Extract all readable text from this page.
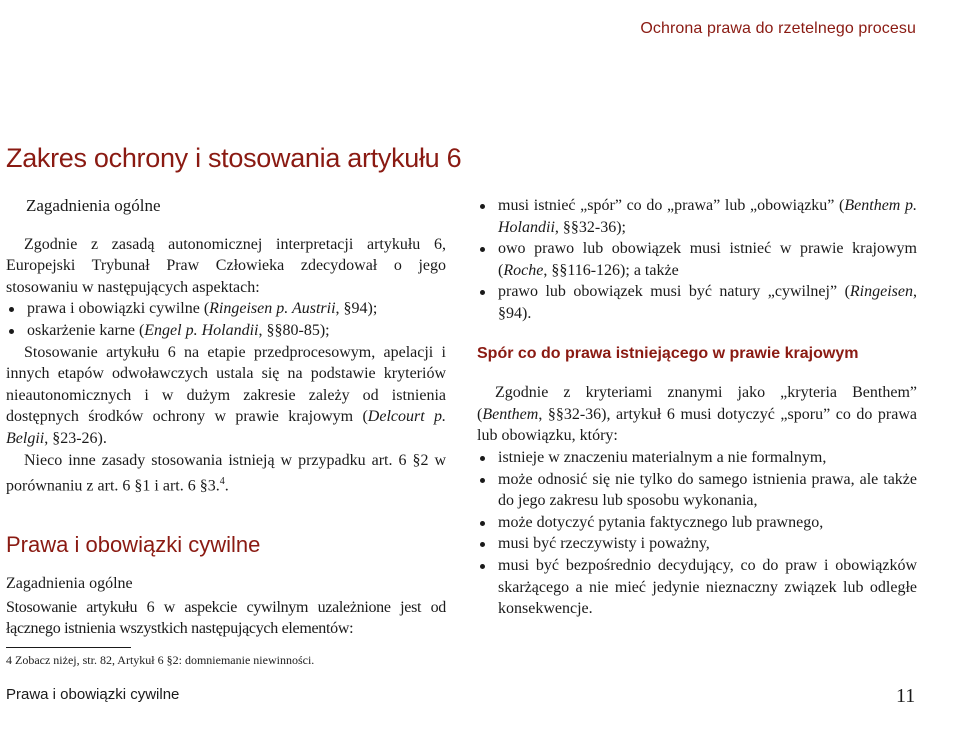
Ochrona prawa do rzetelnego procesu
Zakres ochrony i stosowania artykułu 6

Zagadnienia ogólne

Zgodnie z zasadą autonomicznej interpretacji artykułu 6, Europejski Trybunał Praw Człowieka zdecydował o jego stosowaniu w następujących aspektach:

prawa i obowiązki cywilne (Ringeisen p. Austrii, §94);
oskarżenie karne (Engel p. Holandii, §§80-85);

Stosowanie artykułu 6 na etapie przedprocesowym, apelacji i innych etapów odwoławczych ustala się na podstawie kryteriów nieautonomicznych i w dużym zakresie zależy od istnienia dostępnych środków ochrony w prawie krajowym (Delcourt p. Belgii, §23-26).

Nieco inne zasady stosowania istnieją w przypadku art. 6 §2 w porównaniu z art. 6 §1 i art. 6 §3.$^4$.

Prawa i obowiązki cywilne

Zagadnienia ogólne

Stosowanie artykułu 6 w aspekcie cywilnym uzależnione jest od łącznego istnienia wszystkich następujących elementów:

musi istnieć „spór” co do „prawa” lub „obowiązku” (Benthem p. Holandii, §§32-36);
owo prawo lub obowiązek musi istnieć w prawie krajowym (Roche, §§116-126); a także
prawo lub obowiązek musi być natury „cywilnej” (Ringeisen, §94).

Spór co do prawa istniejącego w prawie krajowym

Zgodnie z kryteriami znanymi jako „kryteria Benthem” (Benthem, §§32-36), artykuł 6 musi dotyczyć „sporu” co do prawa lub obowiązku, który:

istnieje w znaczeniu materialnym a nie formalnym,
może odnosić się nie tylko do samego istnienia prawa, ale także do jego zakresu lub sposobu wykonania,
może dotyczyć pytania faktycznego lub prawnego,
musi być rzeczywisty i poważny,
musi być bezpośrednio decydujący, co do praw i obowiązków skarżącego a nie mieć jedynie nieznaczny związek lub odległe konsekwencje.
4 Zobacz niżej, str. 82, Artykuł 6 §2: domniemanie niewinności.
Prawa i obowiązki cywilne	11
